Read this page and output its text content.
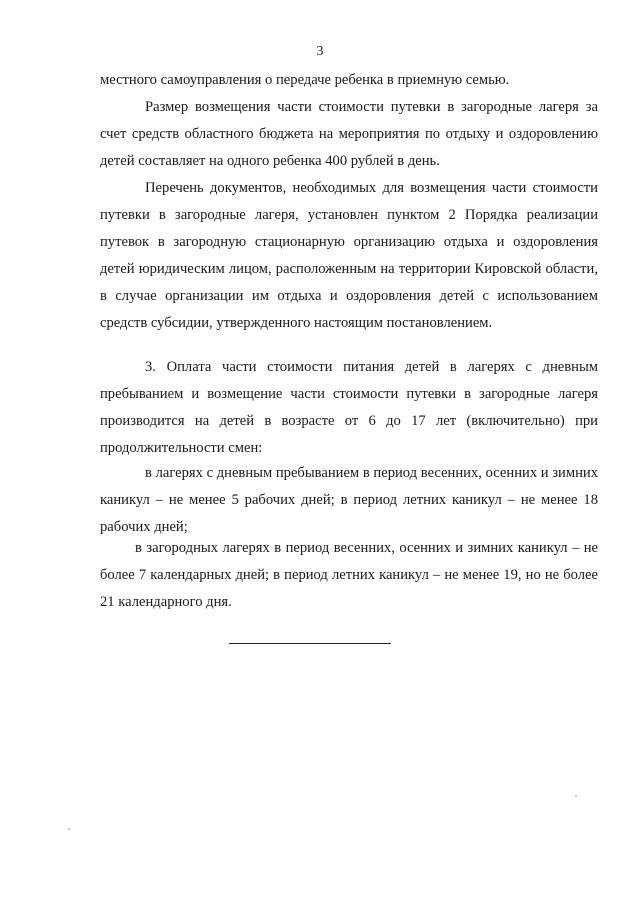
3
местного самоуправления о передаче ребенка в приемную семью.
Размер возмещения части стоимости путевки в загородные лагеря за счет средств областного бюджета на мероприятия по отдыху и оздоровлению детей составляет на одного ребенка 400 рублей в день.
Перечень документов, необходимых для возмещения части стоимости путевки в загородные лагеря, установлен пунктом 2 Порядка реализации путевок в загородную стационарную организацию отдыха и оздоровления детей юридическим лицом, расположенным на территории Кировской области, в случае организации им отдыха и оздоровления детей с использованием средств субсидии, утвержденного настоящим постановлением.
3. Оплата части стоимости питания детей в лагерях с дневным пребыванием и возмещение части стоимости путевки в загородные лагеря производится на детей в возрасте от 6 до 17 лет (включительно) при продолжительности смен:
в лагерях с дневным пребыванием в период весенних, осенних и зимних каникул – не менее 5 рабочих дней; в период летних каникул – не менее 18 рабочих дней;
в загородных лагерях в период весенних, осенних и зимних каникул – не более 7 календарных дней; в период летних каникул – не менее 19, но не более 21 календарного дня.
